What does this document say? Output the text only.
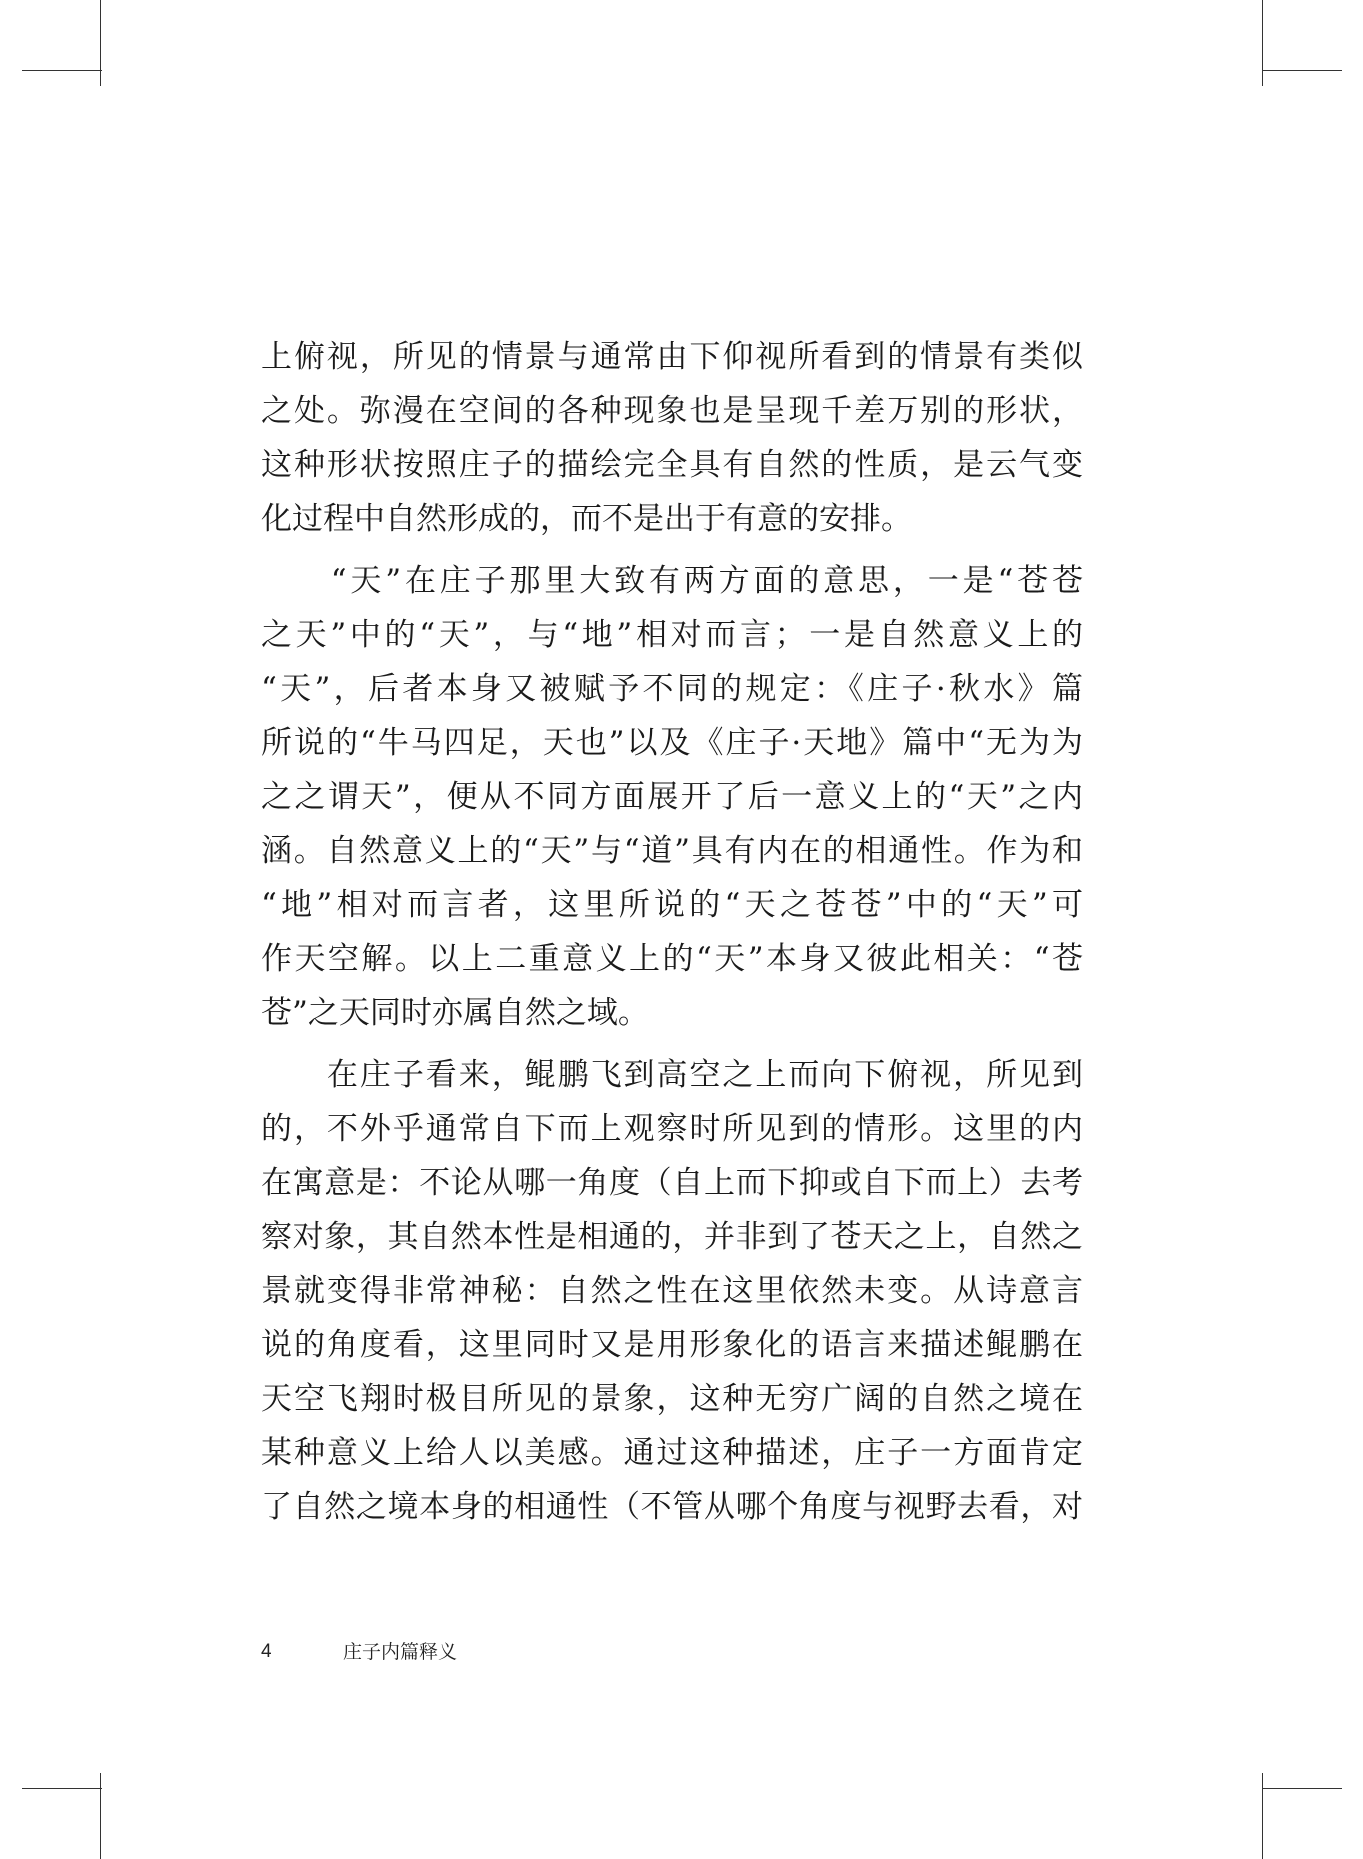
上俯视，所见的情景与通常由下仰视所看到的情景有类似
之处。弥漫在空间的各种现象也是呈现千差万别的形状，
这种形状按照庄子的描绘完全具有自然的性质，是云气变
化过程中自然形成的，而不是出于有意的安排。
　　“天”在庄子那里大致有两方面的意思，一是“苍苍
之天”中的“天”，与“地”相对而言；一是自然意义上的
“天”，后者本身又被赋予不同的规定：《庄子·秋水》篇
所说的“牛马四足，天也”以及《庄子·天地》篇中“无为为
之之谓天”，便从不同方面展开了后一意义上的“天”之内
涵。自然意义上的“天”与“道”具有内在的相通性。作为和
“地”相对而言者，这里所说的“天之苍苍”中的“天”可
作天空解。以上二重意义上的“天”本身又彼此相关：“苍
苍”之天同时亦属自然之域。
　　在庄子看来，鲲鹏飞到高空之上而向下俯视，所见到
的，不外乎通常自下而上观察时所见到的情形。这里的内
在寓意是：不论从哪一角度（自上而下抑或自下而上）去考
察对象，其自然本性是相通的，并非到了苍天之上，自然之
景就变得非常神秘：自然之性在这里依然未变。从诗意言
说的角度看，这里同时又是用形象化的语言来描述鲲鹏在
天空飞翔时极目所见的景象，这种无穷广阔的自然之境在
某种意义上给人以美感。通过这种描述，庄子一方面肯定
了自然之境本身的相通性（不管从哪个角度与视野去看，对
4	庄子内篇释义
